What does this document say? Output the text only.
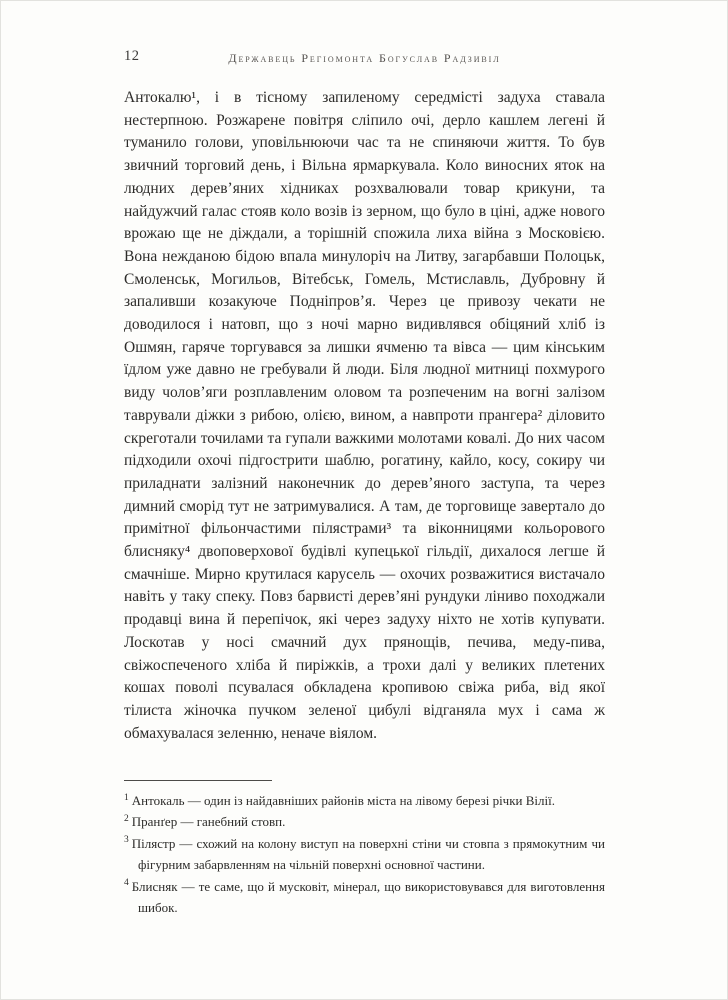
12	Державець Регіомонта Богуслав Радзивіл

Антокалю¹, і в тісному запиленому середмісті задуха ставала нестерпною. Розжарене повітря сліпило очі, дерло кашлем легені й туманило голови, уповільнюючи час та не спиняючи життя. То був звичний торговий день, і Вільна ярмаркувала. Коло виносних яток на людних дерев’яних хідниках розхвалювали товар крикуни, та найдужчий галас стояв коло возів із зерном, що було в ціні, адже нового врожаю ще не діждали, а торішній спожила лиха війна з Московією. Вона нежданою бідою впала минулоріч на Литву, загарбавши Полоцьк, Смоленськ, Могильов, Вітебськ, Гомель, Мстиславль, Дубровну й запаливши козакуюче Подніпров’я. Через це привозу чекати не доводилося і натовп, що з ночі марно видивлявся обіцяний хліб із Ошмян, гаряче торгувався за лишки ячменю та вівса — цим кінським їдлом уже давно не гребували й люди. Біля людної митниці похмурого виду чолов’яги розплавленим оловом та розпеченим на вогні залізом таврували діжки з рибою, олією, вином, а навпроти прангера² діловито скреготали точилами та гупали важкими молотами ковалі. До них часом підходили охочі підгострити шаблю, рогатину, кайло, косу, сокиру чи приладнати залізний наконечник до дерев’яного заступа, та через димний сморід тут не затримувалися. А там, де торговище завертало до примітної фільончастими пілястрами³ та віконницями кольорового блисняку⁴ двоповерхової будівлі купецької гільдії, дихалося легше й смачніше. Мирно крутилася карусель — охочих розважитися вистачало навіть у таку спеку. Повз барвисті дерев’яні рундуки ліниво походжали продавці вина й перепічок, які через задуху ніхто не хотів купувати. Лоскотав у носі смачний дух прянощів, печива, меду-пива, свіжоспеченого хліба й пиріжків, а трохи далі у великих плетених кошах поволі псувалася обкладена кропивою свіжа риба, від якої тілиста жіночка пучком зеленої цибулі відганяла мух і сама ж обмахувалася зеленню, неначе віялом.

$^1$ Антокаль — один із найдавніших районів міста на лівому березі річки Вілії.
$^2$ Пранґер — ганебний стовп.
$^3$ Пілястр — схожий на колону виступ на поверхні стіни чи стовпа з прямокутним чи фігурним забарвленням на чільній поверхні основної частини.
$^4$ Блисняк — те саме, що й мусковіт, мінерал, що використовувався для виготовлення шибок.
